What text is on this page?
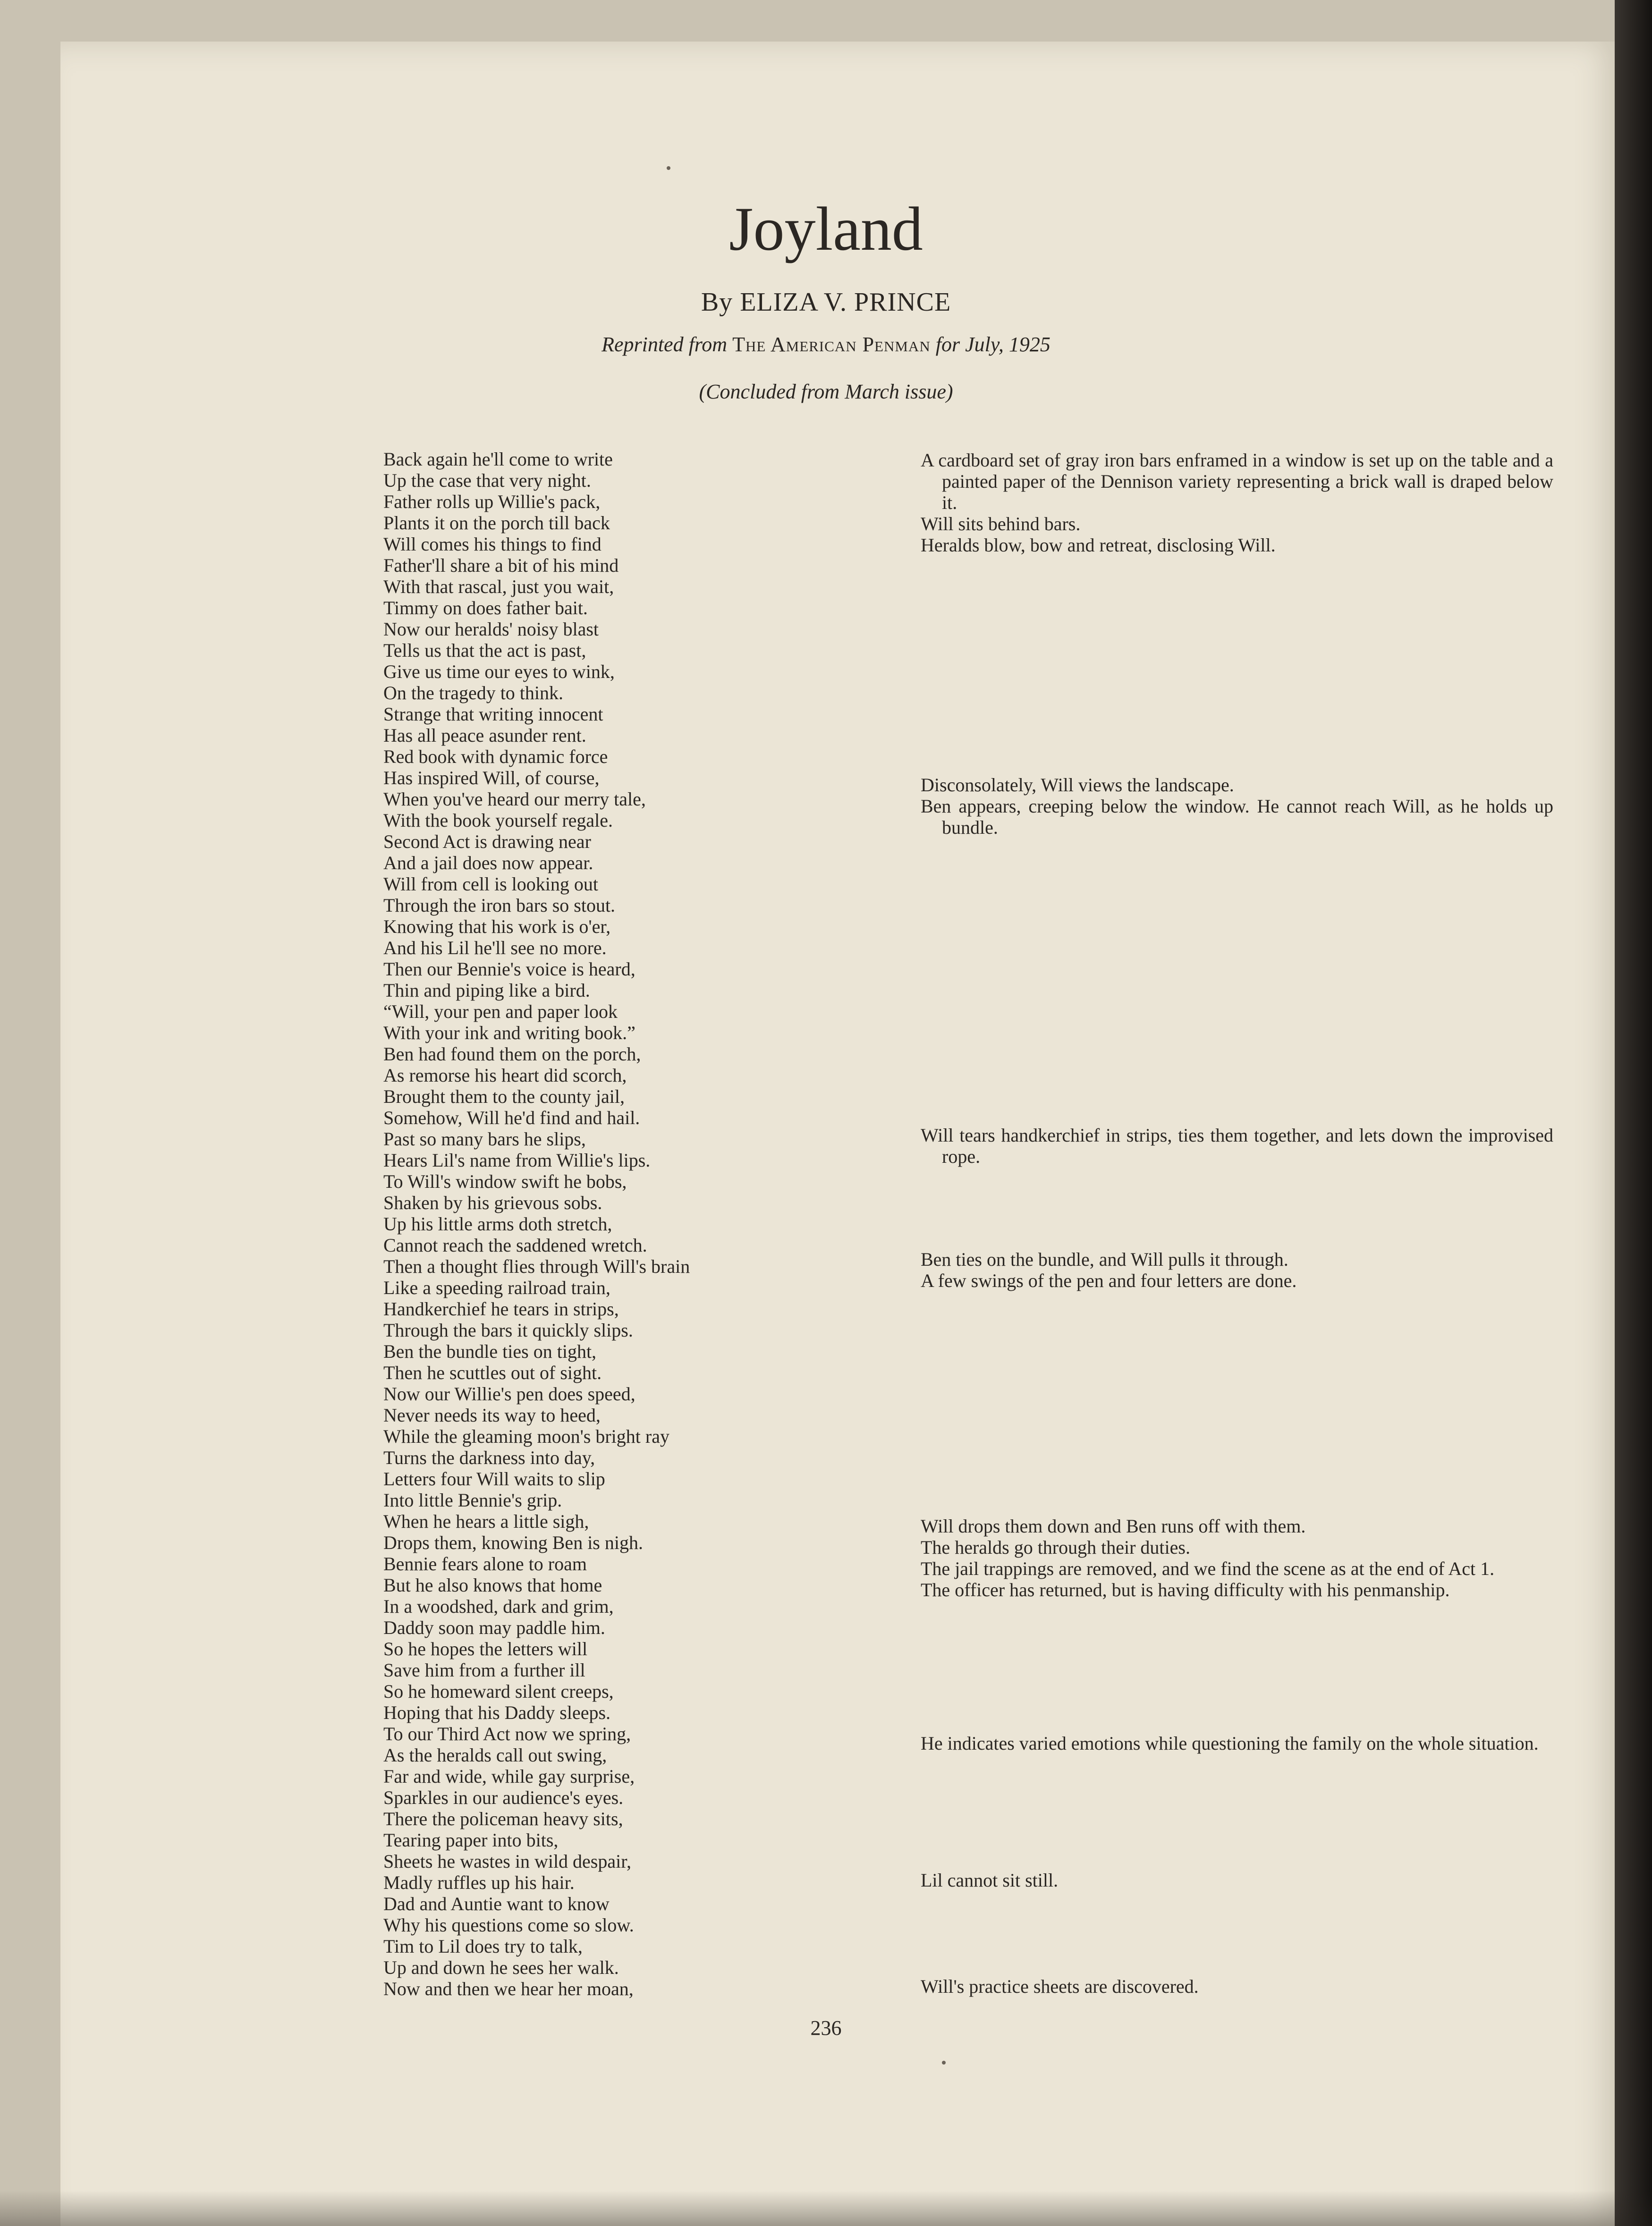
Joyland
By ELIZA V. PRINCE
Reprinted from The American Penman for July, 1925
(Concluded from March issue)
Back again he'll come to write
Up the case that very night.
Father rolls up Willie's pack,
Plants it on the porch till back
Will comes his things to find
Father'll share a bit of his mind
With that rascal, just you wait,
Timmy on does father bait.
Now our heralds' noisy blast
Tells us that the act is past,
Give us time our eyes to wink,
On the tragedy to think.
Strange that writing innocent
Has all peace asunder rent.
Red book with dynamic force
Has inspired Will, of course,
When you've heard our merry tale,
With the book yourself regale.
Second Act is drawing near
And a jail does now appear.
Will from cell is looking out
Through the iron bars so stout.
Knowing that his work is o'er,
And his Lil he'll see no more.
Then our Bennie's voice is heard,
Thin and piping like a bird.
“Will, your pen and paper look
With your ink and writing book.”
Ben had found them on the porch,
As remorse his heart did scorch,
Brought them to the county jail,
Somehow, Will he'd find and hail.
Past so many bars he slips,
Hears Lil's name from Willie's lips.
To Will's window swift he bobs,
Shaken by his grievous sobs.
Up his little arms doth stretch,
Cannot reach the saddened wretch.
Then a thought flies through Will's brain
Like a speeding railroad train,
Handkerchief he tears in strips,
Through the bars it quickly slips.
Ben the bundle ties on tight,
Then he scuttles out of sight.
Now our Willie's pen does speed,
Never needs its way to heed,
While the gleaming moon's bright ray
Turns the darkness into day,
Letters four Will waits to slip
Into little Bennie's grip.
When he hears a little sigh,
Drops them, knowing Ben is nigh.
Bennie fears alone to roam
But he also knows that home
In a woodshed, dark and grim,
Daddy soon may paddle him.
So he hopes the letters will
Save him from a further ill
So he homeward silent creeps,
Hoping that his Daddy sleeps.
To our Third Act now we spring,
As the heralds call out swing,
Far and wide, while gay surprise,
Sparkles in our audience's eyes.
There the policeman heavy sits,
Tearing paper into bits,
Sheets he wastes in wild despair,
Madly ruffles up his hair.
Dad and Auntie want to know
Why his questions come so slow.
Tim to Lil does try to talk,
Up and down he sees her walk.
Now and then we hear her moan,

A cardboard set of gray iron bars enframed in a window is set up on the table and a painted paper of the Dennison variety representing a brick wall is draped below it.

Will sits behind bars.

Heralds blow, bow and retreat, disclosing Will.

Disconsolately, Will views the landscape.

Ben appears, creeping below the window. He cannot reach Will, as he holds up bundle.

Will tears handkerchief in strips, ties them together, and lets down the improvised rope.

Ben ties on the bundle, and Will pulls it through.

A few swings of the pen and four letters are done.

Will drops them down and Ben runs off with them.

The heralds go through their duties.

The jail trappings are removed, and we find the scene as at the end of Act 1.

The officer has returned, but is having difficulty with his penmanship.

He indicates varied emotions while questioning the family on the whole situation.

Lil cannot sit still.

Will's practice sheets are discovered.

236
